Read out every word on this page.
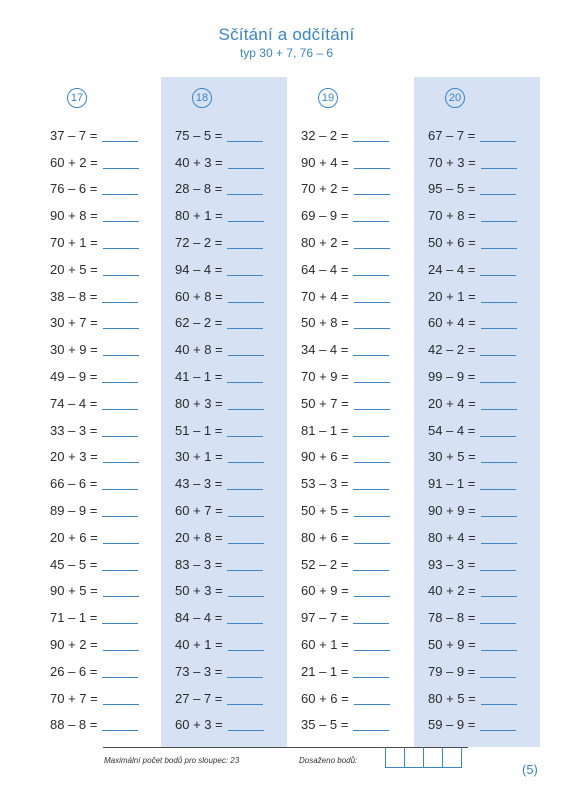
Sčítání a odčítání
typ 30 + 7, 76 – 6
17
37 – 7 =
60 + 2 =
76 – 6 =
90 + 8 =
70 + 1 =
20 + 5 =
38 – 8 =
30 + 7 =
30 + 9 =
49 – 9 =
74 – 4 =
33 – 3 =
20 + 3 =
66 – 6 =
89 – 9 =
20 + 6 =
45 – 5 =
90 + 5 =
71 – 1 =
90 + 2 =
26 – 6 =
70 + 7 =
88 – 8 =
18
75 – 5 =
40 + 3 =
28 – 8 =
80 + 1 =
72 – 2 =
94 – 4 =
60 + 8 =
62 – 2 =
40 + 8 =
41 – 1 =
80 + 3 =
51 – 1 =
30 + 1 =
43 – 3 =
60 + 7 =
20 + 8 =
83 – 3 =
50 + 3 =
84 – 4 =
40 + 1 =
73 – 3 =
27 – 7 =
60 + 3 =
19
32 – 2 =
90 + 4 =
70 + 2 =
69 – 9 =
80 + 2 =
64 – 4 =
70 + 4 =
50 + 8 =
34 – 4 =
70 + 9 =
50 + 7 =
81 – 1 =
90 + 6 =
53 – 3 =
50 + 5 =
80 + 6 =
52 – 2 =
60 + 9 =
97 – 7 =
60 + 1 =
21 – 1 =
60 + 6 =
35 – 5 =
20
67 – 7 =
70 + 3 =
95 – 5 =
70 + 8 =
50 + 6 =
24 – 4 =
20 + 1 =
60 + 4 =
42 – 2 =
99 – 9 =
20 + 4 =
54 – 4 =
30 + 5 =
91 – 1 =
90 + 9 =
80 + 4 =
93 – 3 =
40 + 2 =
78 – 8 =
50 + 9 =
79 – 9 =
80 + 5 =
59 – 9 =
Maximální počet bodů pro sloupec: 23	Dosaženo bodů:
(5)
